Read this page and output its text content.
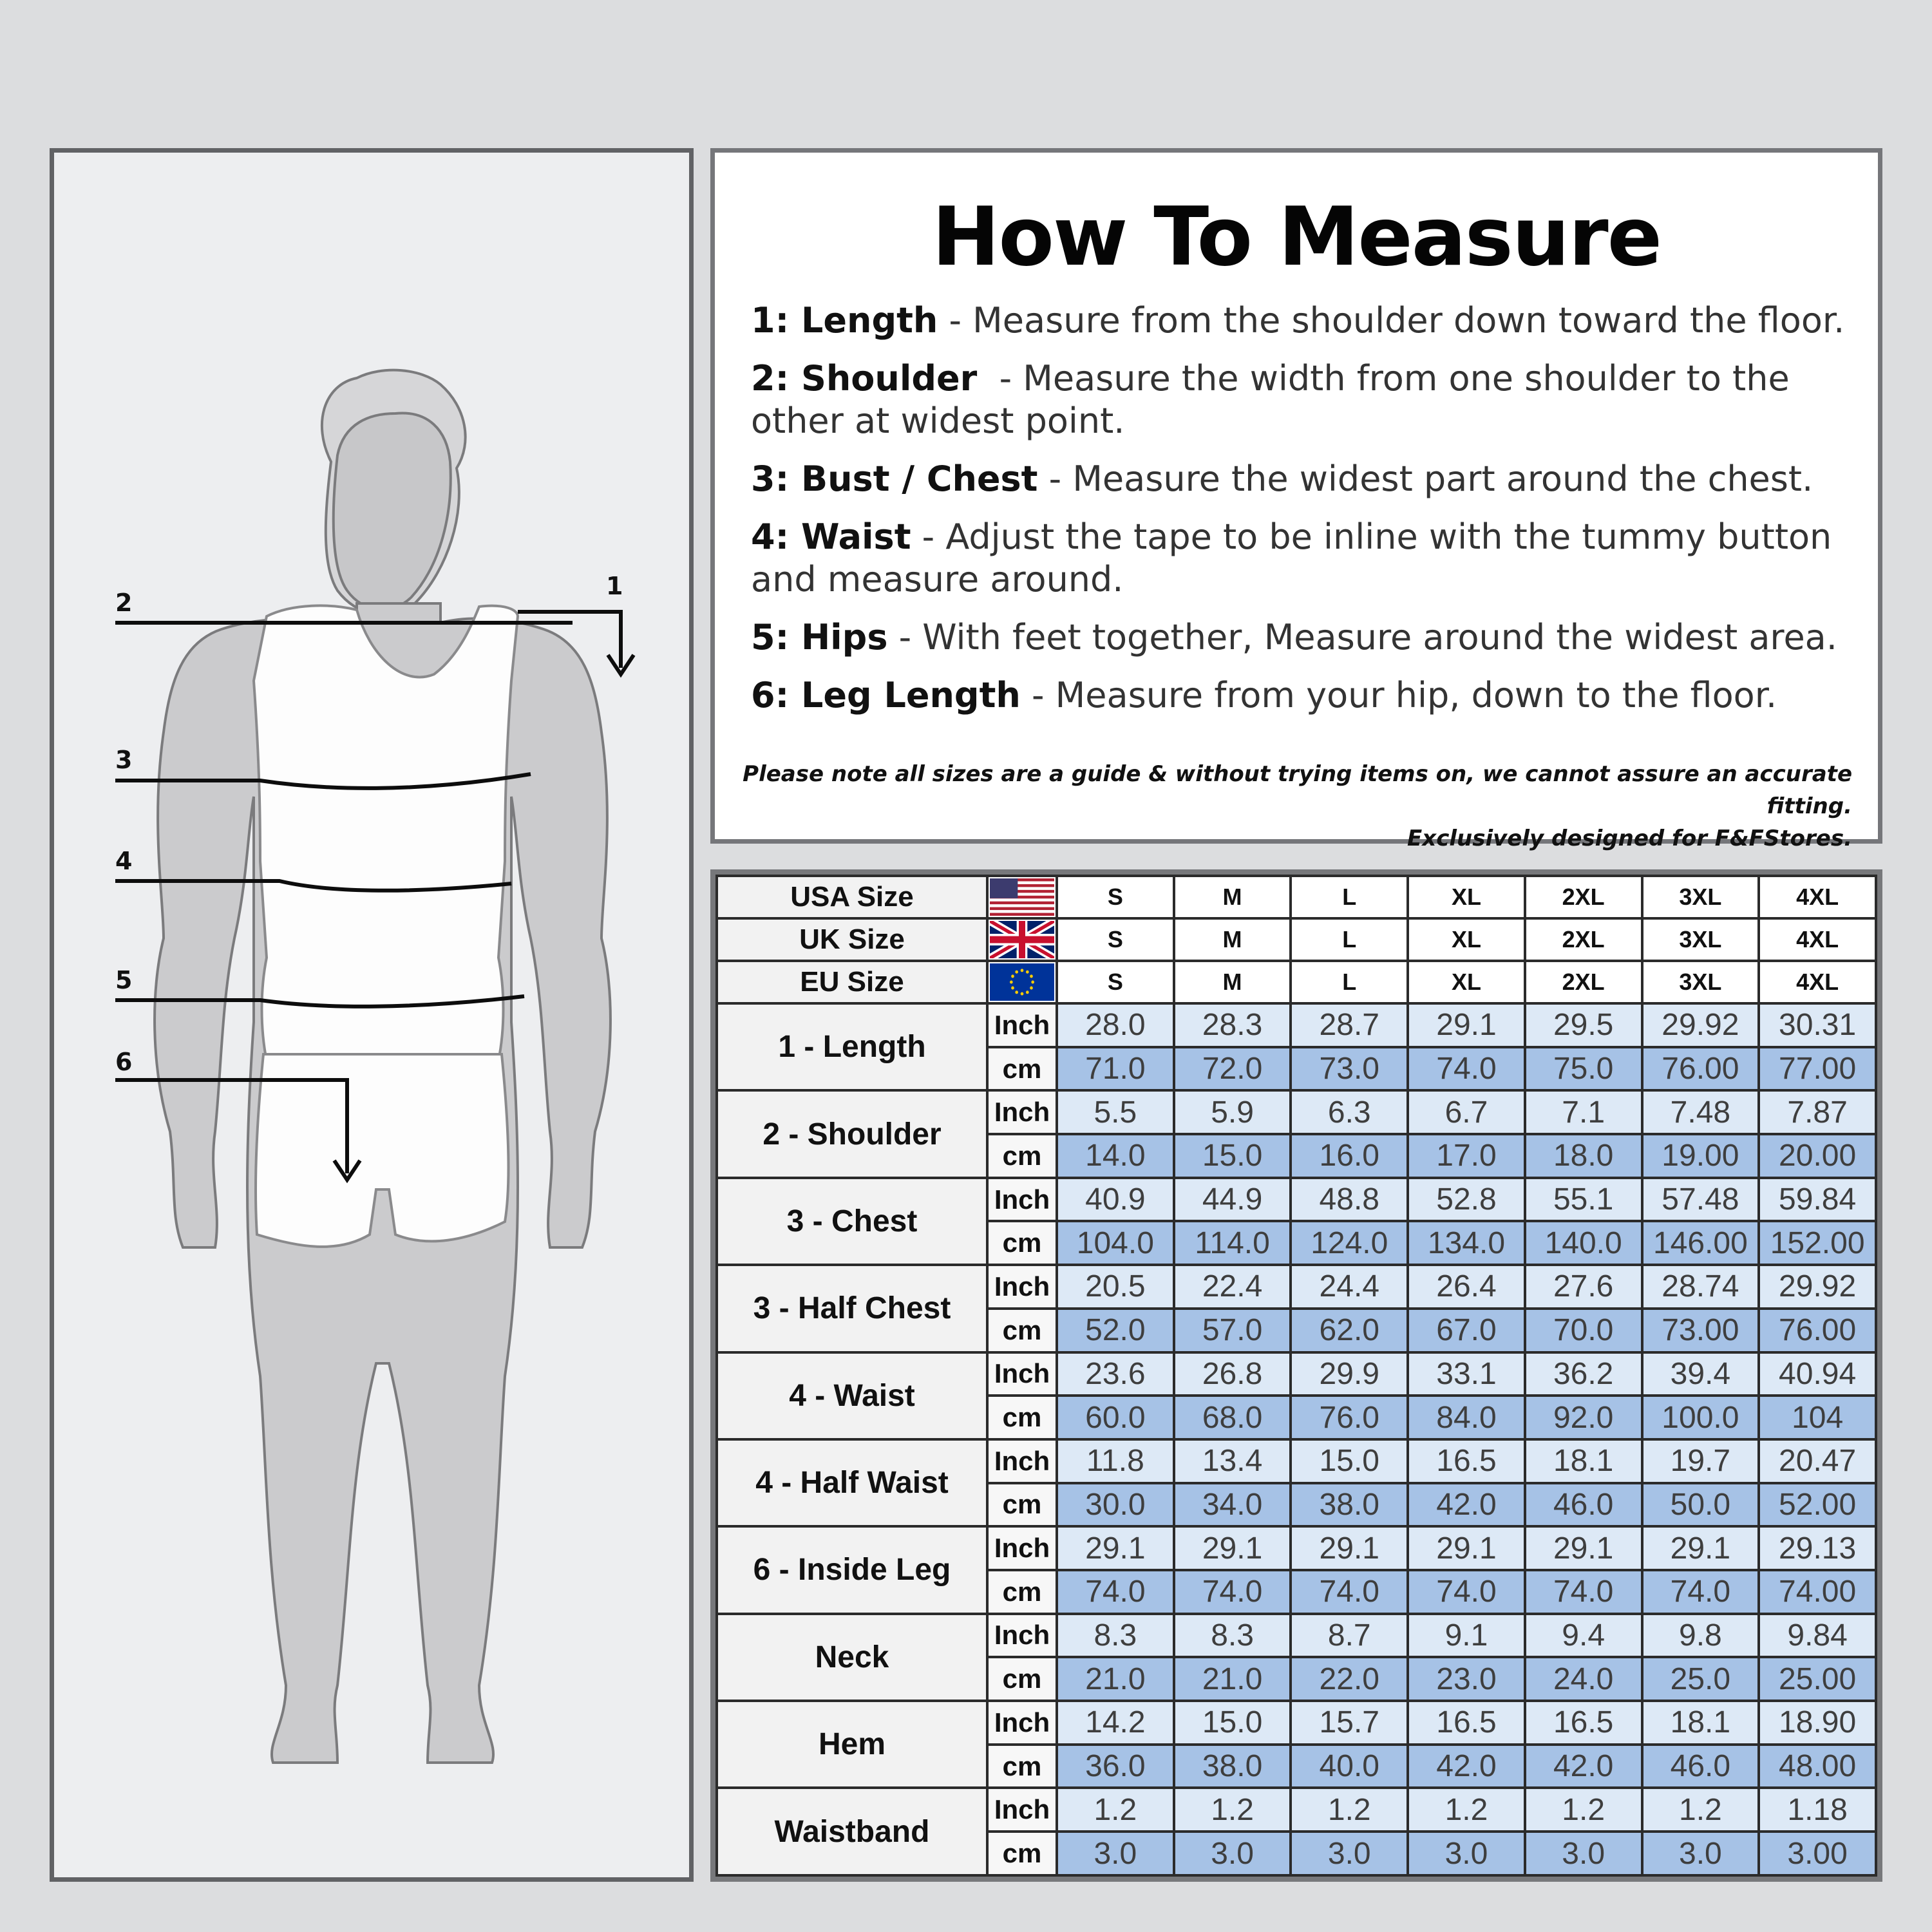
1
2
3
4
5
6
How To Measure
1: Length - Measure from the shoulder down toward the floor.
2: Shoulder  - Measure the width from one shoulder to the other at widest point.
3: Bust / Chest - Measure the widest part around the chest.
4: Waist - Adjust the tape to be inline with the tummy button and measure around.
5: Hips - With feet together, Measure around the widest area.
6: Leg Length - Measure from your hip, down to the floor.
Please note all sizes are a guide & without trying items on, we cannot assure an accurate fitting.
Exclusively designed for F&FStores.
USA Size		S	M	L	XL	2XL	3XL	4XL
UK Size		S	M	L	XL	2XL	3XL	4XL
EU Size		S	M	L	XL	2XL	3XL	4XL
1 - Length	Inch	28.0	28.3	28.7	29.1	29.5	29.92	30.31
	cm	71.0	72.0	73.0	74.0	75.0	76.00	77.00
2 - Shoulder	Inch	5.5	5.9	6.3	6.7	7.1	7.48	7.87
	cm	14.0	15.0	16.0	17.0	18.0	19.00	20.00
3 - Chest	Inch	40.9	44.9	48.8	52.8	55.1	57.48	59.84
	cm	104.0	114.0	124.0	134.0	140.0	146.00	152.00
3 - Half Chest	Inch	20.5	22.4	24.4	26.4	27.6	28.74	29.92
	cm	52.0	57.0	62.0	67.0	70.0	73.00	76.00
4 - Waist	Inch	23.6	26.8	29.9	33.1	36.2	39.4	40.94
	cm	60.0	68.0	76.0	84.0	92.0	100.0	104
4 - Half Waist	Inch	11.8	13.4	15.0	16.5	18.1	19.7	20.47
	cm	30.0	34.0	38.0	42.0	46.0	50.0	52.00
6 - Inside Leg	Inch	29.1	29.1	29.1	29.1	29.1	29.1	29.13
	cm	74.0	74.0	74.0	74.0	74.0	74.0	74.00
Neck	Inch	8.3	8.3	8.7	9.1	9.4	9.8	9.84
	cm	21.0	21.0	22.0	23.0	24.0	25.0	25.00
Hem	Inch	14.2	15.0	15.7	16.5	16.5	18.1	18.90
	cm	36.0	38.0	40.0	42.0	42.0	46.0	48.00
Waistband	Inch	1.2	1.2	1.2	1.2	1.2	1.2	1.18
	cm	3.0	3.0	3.0	3.0	3.0	3.0	3.00
